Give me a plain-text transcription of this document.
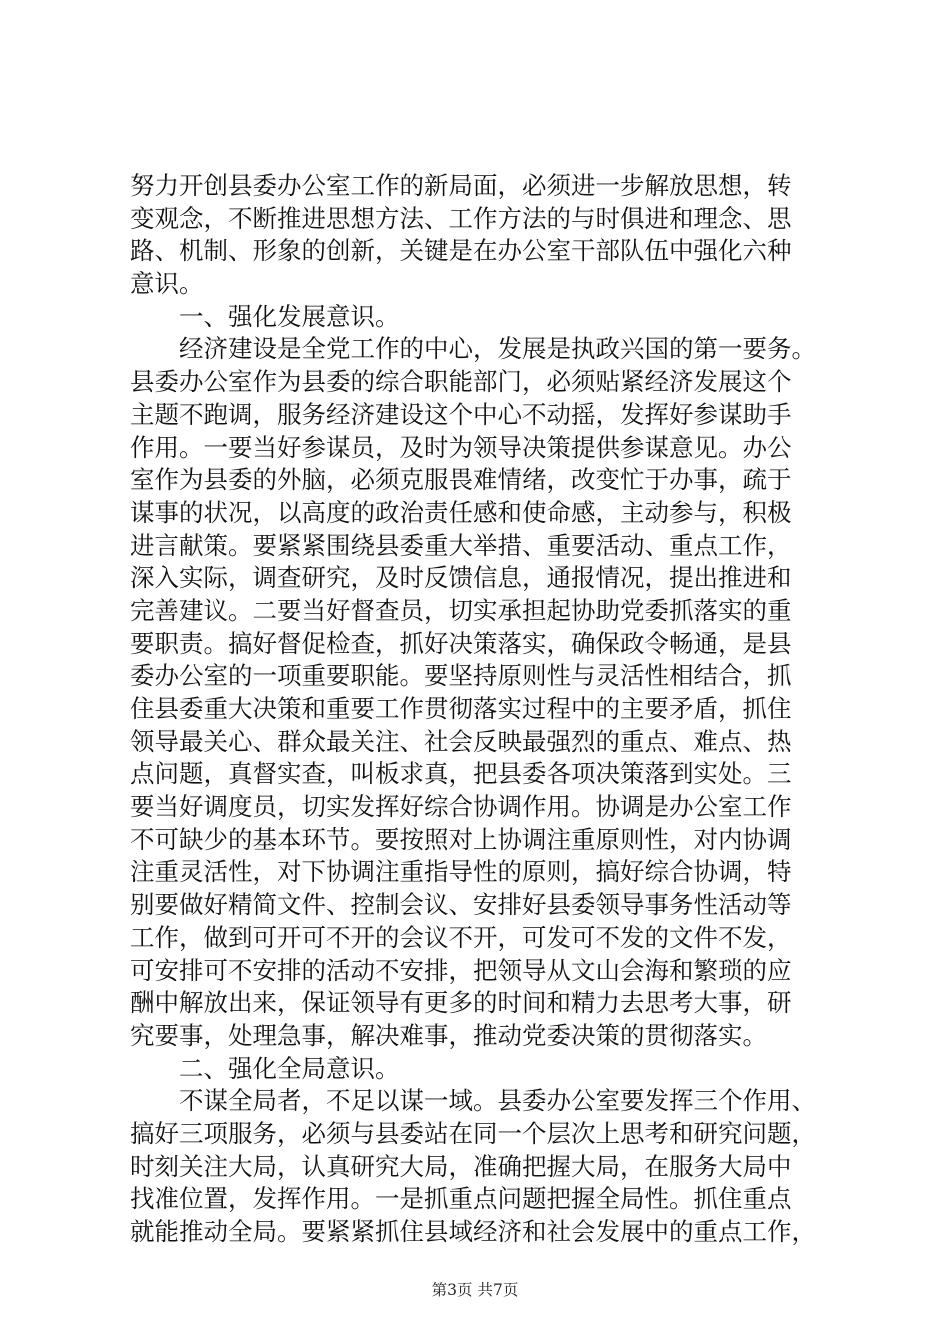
努力开创县委办公室工作的新局面，必须进一步解放思想，转
变观念，不断推进思想方法、工作方法的与时俱进和理念、思
路、机制、形象的创新，关键是在办公室干部队伍中强化六种
意识。
一、强化发展意识。
经济建设是全党工作的中心，发展是执政兴国的第一要务。
县委办公室作为县委的综合职能部门，必须贴紧经济发展这个
主题不跑调，服务经济建设这个中心不动摇，发挥好参谋助手
作用。一要当好参谋员，及时为领导决策提供参谋意见。办公
室作为县委的外脑，必须克服畏难情绪，改变忙于办事，疏于
谋事的状况，以高度的政治责任感和使命感，主动参与，积极
进言献策。要紧紧围绕县委重大举措、重要活动、重点工作，
深入实际，调查研究，及时反馈信息，通报情况，提出推进和
完善建议。二要当好督查员，切实承担起协助党委抓落实的重
要职责。搞好督促检查，抓好决策落实，确保政令畅通，是县
委办公室的一项重要职能。要坚持原则性与灵活性相结合，抓
住县委重大决策和重要工作贯彻落实过程中的主要矛盾，抓住
领导最关心、群众最关注、社会反映最强烈的重点、难点、热
点问题，真督实查，叫板求真，把县委各项决策落到实处。三
要当好调度员，切实发挥好综合协调作用。协调是办公室工作
不可缺少的基本环节。要按照对上协调注重原则性，对内协调
注重灵活性，对下协调注重指导性的原则，搞好综合协调，特
别要做好精简文件、控制会议、安排好县委领导事务性活动等
工作，做到可开可不开的会议不开，可发可不发的文件不发，
可安排可不安排的活动不安排，把领导从文山会海和繁琐的应
酬中解放出来，保证领导有更多的时间和精力去思考大事，研
究要事，处理急事，解决难事，推动党委决策的贯彻落实。
二、强化全局意识。
不谋全局者，不足以谋一域。县委办公室要发挥三个作用、
搞好三项服务，必须与县委站在同一个层次上思考和研究问题，
时刻关注大局，认真研究大局，准确把握大局，在服务大局中
找准位置，发挥作用。一是抓重点问题把握全局性。抓住重点
就能推动全局。要紧紧抓住县域经济和社会发展中的重点工作，
第3页 共7页
